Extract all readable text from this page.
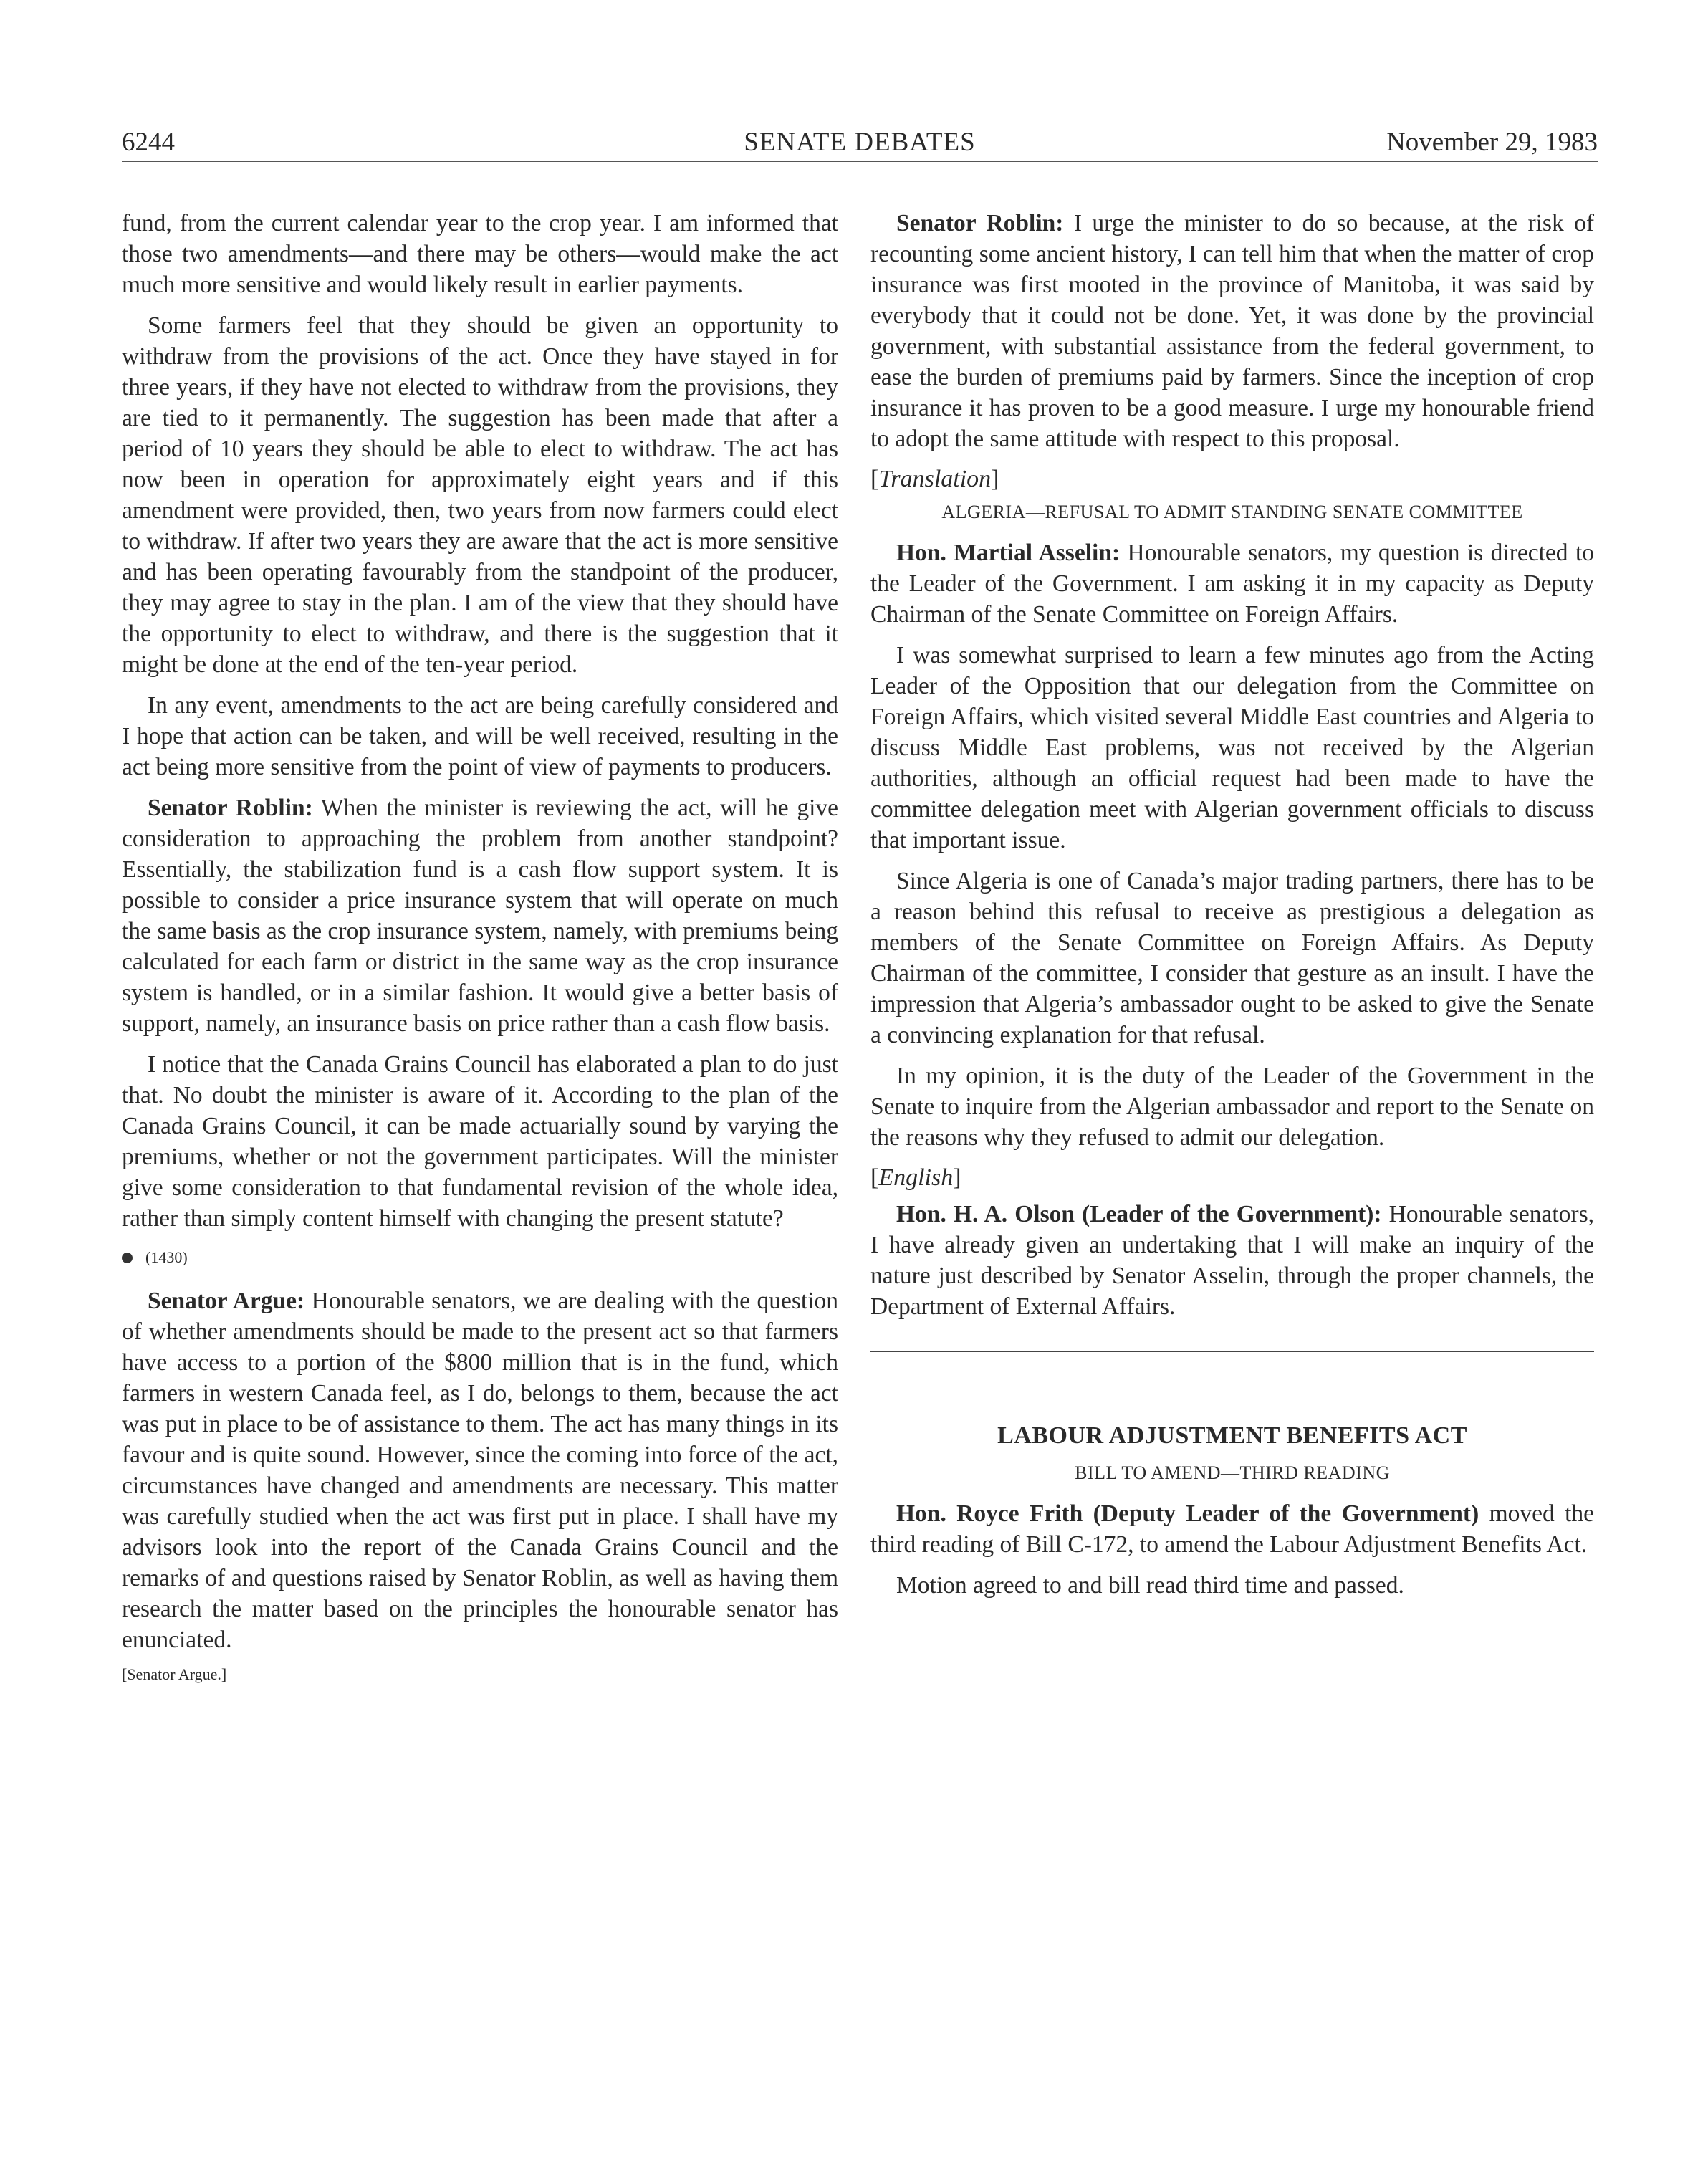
6244	SENATE DEBATES	November 29, 1983

fund, from the current calendar year to the crop year. I am informed that those two amendments—and there may be others—would make the act much more sensitive and would likely result in earlier payments.

Some farmers feel that they should be given an opportunity to withdraw from the provisions of the act. Once they have stayed in for three years, if they have not elected to withdraw from the provisions, they are tied to it permanently. The suggestion has been made that after a period of 10 years they should be able to elect to withdraw. The act has now been in operation for approximately eight years and if this amendment were provided, then, two years from now farmers could elect to withdraw. If after two years they are aware that the act is more sensitive and has been operating favourably from the standpoint of the producer, they may agree to stay in the plan. I am of the view that they should have the opportunity to elect to withdraw, and there is the suggestion that it might be done at the end of the ten-year period.

In any event, amendments to the act are being carefully considered and I hope that action can be taken, and will be well received, resulting in the act being more sensitive from the point of view of payments to producers.

Senator Roblin: When the minister is reviewing the act, will he give consideration to approaching the problem from another standpoint? Essentially, the stabilization fund is a cash flow support system. It is possible to consider a price insurance system that will operate on much the same basis as the crop insurance system, namely, with premiums being calculated for each farm or district in the same way as the crop insurance system is handled, or in a similar fashion. It would give a better basis of support, namely, an insurance basis on price rather than a cash flow basis.

I notice that the Canada Grains Council has elaborated a plan to do just that. No doubt the minister is aware of it. According to the plan of the Canada Grains Council, it can be made actuarially sound by varying the premiums, whether or not the government participates. Will the minister give some consideration to that fundamental revision of the whole idea, rather than simply content himself with changing the present statute?

(1430)

Senator Argue: Honourable senators, we are dealing with the question of whether amendments should be made to the present act so that farmers have access to a portion of the $800 million that is in the fund, which farmers in western Canada feel, as I do, belongs to them, because the act was put in place to be of assistance to them. The act has many things in its favour and is quite sound. However, since the coming into force of the act, circumstances have changed and amendments are necessary. This matter was carefully studied when the act was first put in place. I shall have my advisors look into the report of the Canada Grains Council and the remarks of and questions raised by Senator Roblin, as well as having them research the matter based on the principles the honourable senator has enunciated.

[Senator Argue.]

Senator Roblin: I urge the minister to do so because, at the risk of recounting some ancient history, I can tell him that when the matter of crop insurance was first mooted in the province of Manitoba, it was said by everybody that it could not be done. Yet, it was done by the provincial government, with substantial assistance from the federal government, to ease the burden of premiums paid by farmers. Since the inception of crop insurance it has proven to be a good measure. I urge my honourable friend to adopt the same attitude with respect to this proposal.

[Translation]
ALGERIA—REFUSAL TO ADMIT STANDING SENATE COMMITTEE

Hon. Martial Asselin: Honourable senators, my question is directed to the Leader of the Government. I am asking it in my capacity as Deputy Chairman of the Senate Committee on Foreign Affairs.

I was somewhat surprised to learn a few minutes ago from the Acting Leader of the Opposition that our delegation from the Committee on Foreign Affairs, which visited several Middle East countries and Algeria to discuss Middle East problems, was not received by the Algerian authorities, although an official request had been made to have the committee delegation meet with Algerian government officials to discuss that important issue.

Since Algeria is one of Canada’s major trading partners, there has to be a reason behind this refusal to receive as prestigious a delegation as members of the Senate Committee on Foreign Affairs. As Deputy Chairman of the committee, I consider that gesture as an insult. I have the impression that Algeria’s ambassador ought to be asked to give the Senate a convincing explanation for that refusal.

In my opinion, it is the duty of the Leader of the Government in the Senate to inquire from the Algerian ambassador and report to the Senate on the reasons why they refused to admit our delegation.

[English]

Hon. H. A. Olson (Leader of the Government): Honourable senators, I have already given an undertaking that I will make an inquiry of the nature just described by Senator Asselin, through the proper channels, the Department of External Affairs.

LABOUR ADJUSTMENT BENEFITS ACT
BILL TO AMEND—THIRD READING

Hon. Royce Frith (Deputy Leader of the Government) moved the third reading of Bill C-172, to amend the Labour Adjustment Benefits Act.

Motion agreed to and bill read third time and passed.
